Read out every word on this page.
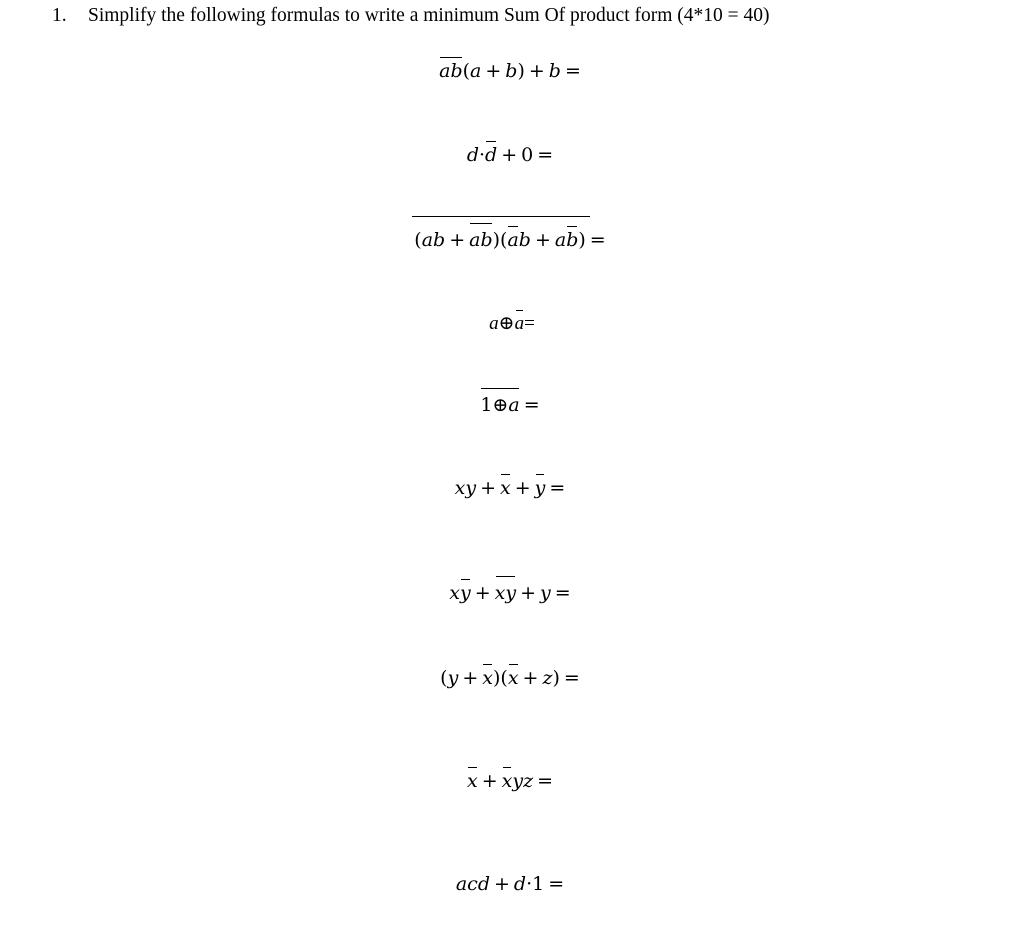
1. Simplify the following formulas to write a minimum Sum Of product form (4*10 = 40)
ab(a + b) + b =
d·d + 0 =
(ab + ab)(ab + ab) =
a⊕a=
1⊕a =
xy + x + y =
xy + xy + y =
(y + x)(x + z) =
x + xyz =
acd + d·1 =
